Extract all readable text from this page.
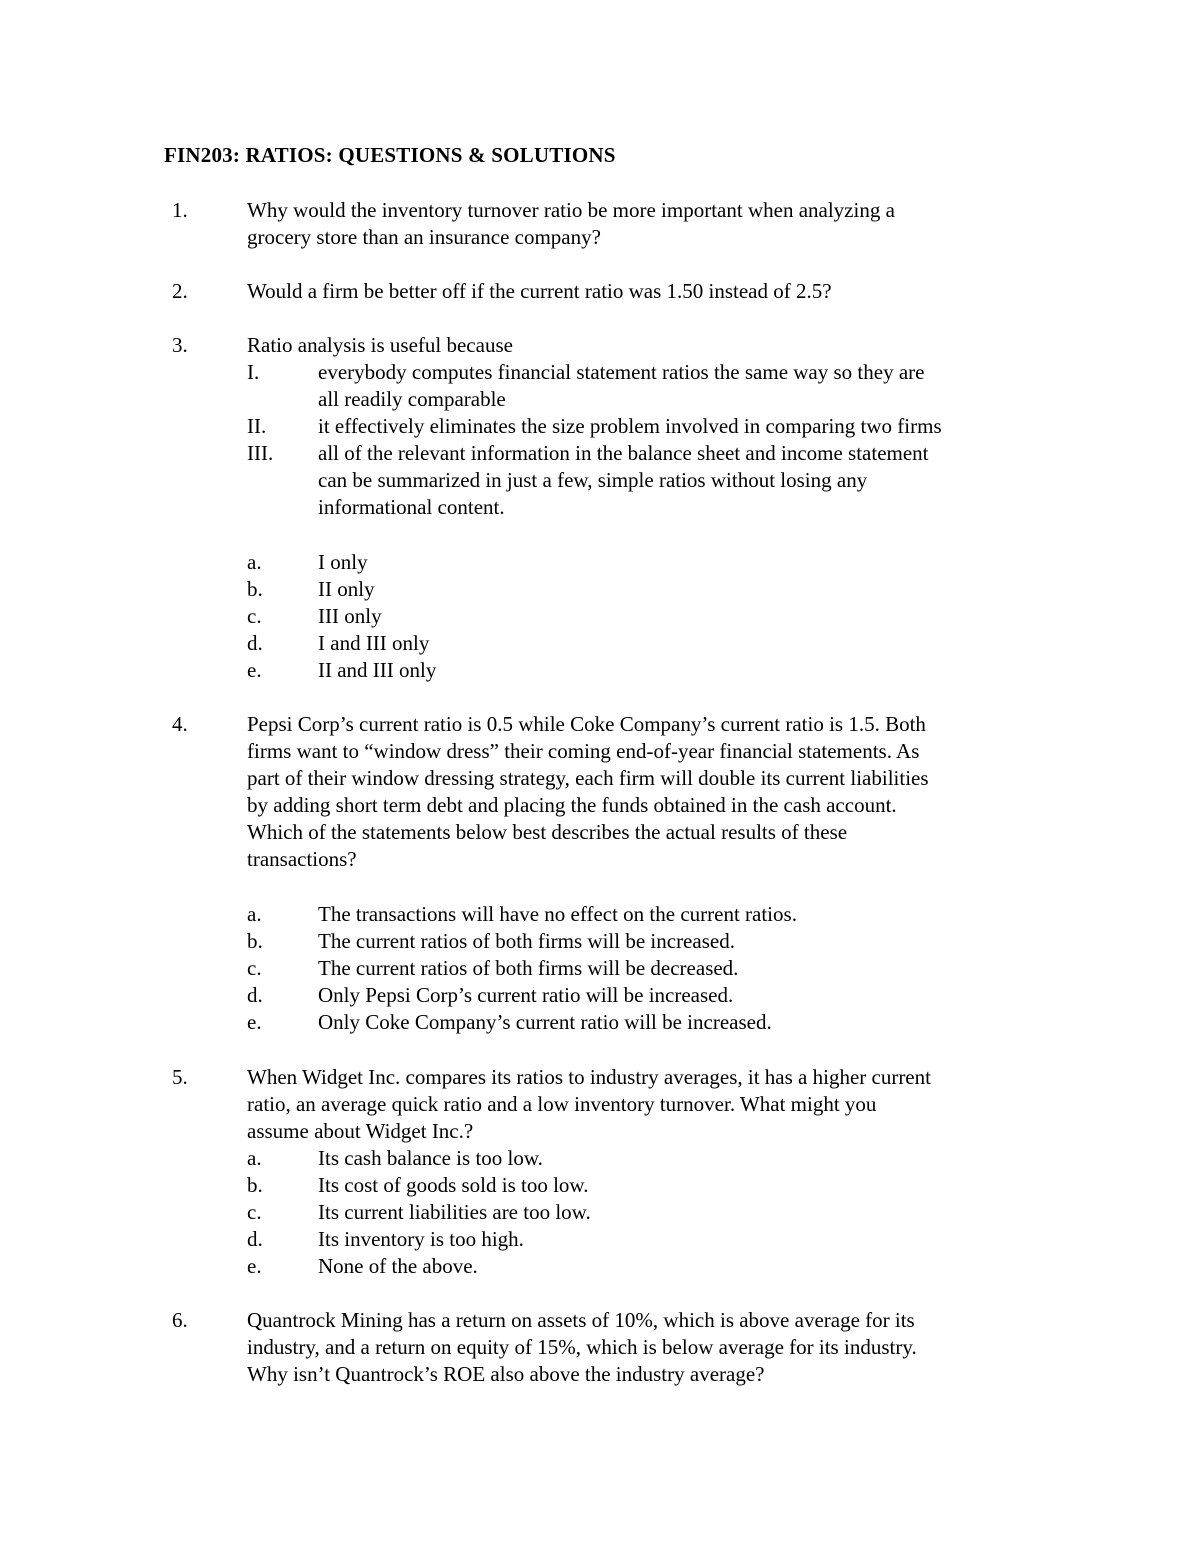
FIN203: RATIOS: QUESTIONS & SOLUTIONS
1.	Why would the inventory turnover ratio be more important when analyzing a
grocery store than an insurance company?
2.	Would a firm be better off if the current ratio was 1.50 instead of 2.5?
3.	Ratio analysis is useful because
I.	everybody computes financial statement ratios the same way so they are
all readily comparable
II. it effectively eliminates the size problem involved in comparing two firms
III. all of the relevant information in the balance sheet and income statement
can be summarized in just a few, simple ratios without losing any
informational content.
a.	I only
b.	II only
c.	III only
d.	I and III only
e.	II and III only
4.	Pepsi Corp’s current ratio is 0.5 while Coke Company’s current ratio is 1.5. Both
firms want to “window dress” their coming end-of-year financial statements. As
part of their window dressing strategy, each firm will double its current liabilities
by adding short term debt and placing the funds obtained in the cash account.
Which of the statements below best describes the actual results of these
transactions?
a.	The transactions will have no effect on the current ratios.
b.	The current ratios of both firms will be increased.
c.	The current ratios of both firms will be decreased.
d.	Only Pepsi Corp’s current ratio will be increased.
e.	Only Coke Company’s current ratio will be increased.
5.	When Widget Inc. compares its ratios to industry averages, it has a higher current
ratio, an average quick ratio and a low inventory turnover. What might you
assume about Widget Inc.?
a.	Its cash balance is too low.
b.	Its cost of goods sold is too low.
c.	Its current liabilities are too low.
d.	Its inventory is too high.
e.	None of the above.
6.	Quantrock Mining has a return on assets of 10%, which is above average for its
industry, and a return on equity of 15%, which is below average for its industry.
Why isn’t Quantrock’s ROE also above the industry average?
